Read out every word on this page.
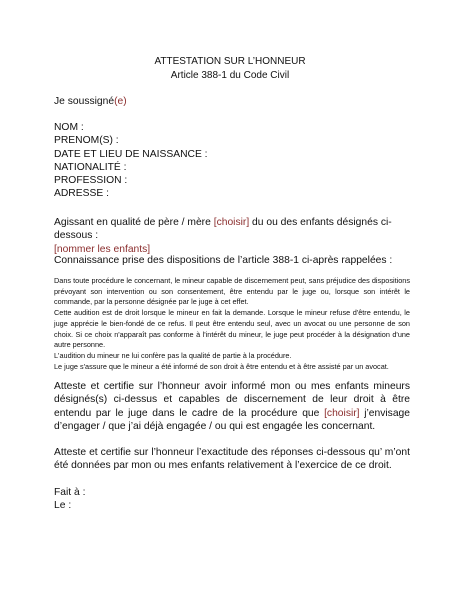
ATTESTATION SUR L’HONNEUR
Article 388-1 du Code Civil
Je soussigné(e)
NOM :
PRENOM(S) :
DATE ET LIEU DE NAISSANCE :
NATIONALITÉ :
PROFESSION :
ADRESSE :
Agissant en qualité de père / mère [choisir] du ou des enfants désignés ci-dessous :
[nommer les enfants]
Connaissance prise des dispositions de l’article 388-1 ci-après rappelées :

Dans toute procédure le concernant, le mineur capable de discernement peut, sans préjudice des dispositions prévoyant son intervention ou son consentement, être entendu par le juge ou, lorsque son intérêt le commande, par la personne désignée par le juge à cet effet.

Cette audition est de droit lorsque le mineur en fait la demande. Lorsque le mineur refuse d'être entendu, le juge apprécie le bien-fondé de ce refus. Il peut être entendu seul, avec un avocat ou une personne de son choix. Si ce choix n'apparaît pas conforme à l'intérêt du mineur, le juge peut procéder à la désignation d'une autre personne.

L'audition du mineur ne lui confère pas la qualité de partie à la procédure.

Le juge s'assure que le mineur a été informé de son droit à être entendu et à être assisté par un avocat.

Atteste et certifie sur l’honneur avoir informé mon ou mes enfants mineurs désignés(s) ci-dessus et capables de discernement de leur droit à être entendu par le juge dans le cadre de la procédure que [choisir] j’envisage d’engager / que j’ai déjà engagée / ou qui est engagée les concernant.
Atteste et certifie sur l’honneur l’exactitude des réponses ci-dessous qu’ m’ont été données par mon ou mes enfants relativement à l’exercice de ce droit.
Fait à :
Le :
